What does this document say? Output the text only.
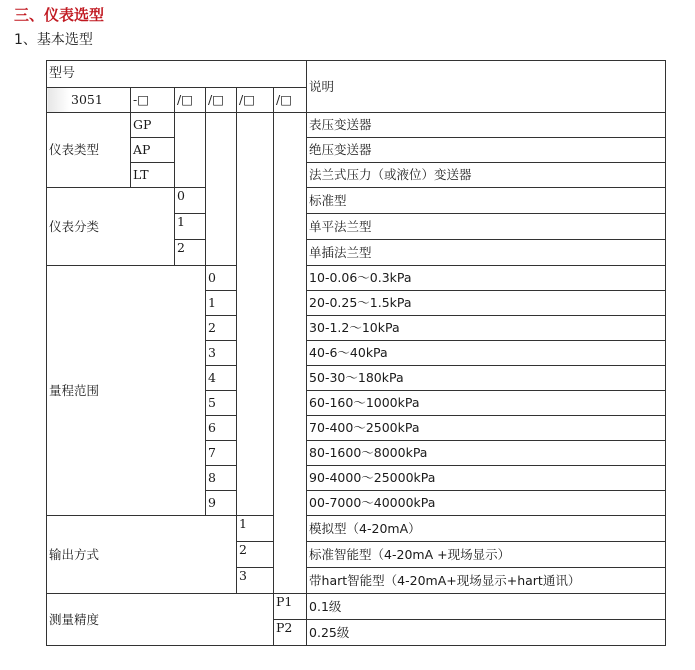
三、仪表选型
1、基本选型
型号						说明
3051	-□	/□	/□	/□	/□	
仪表类型	GP					表压变送器
	AP					绝压变送器
	LT					法兰式压力（或液位）变送器
仪表分类		0				标准型
		1				单平法兰型
		2				单插法兰型
量程范围			0			10-0.06～0.3kPa
			1			20-0.25～1.5kPa
			2			30-1.2～10kPa
			3			40-6～40kPa
			4			50-30～180kPa
			5			60-160～1000kPa
			6			70-400～2500kPa
			7			80-1600～8000kPa
			8			90-4000～25000kPa
			9			00-7000～40000kPa
输出方式				1		模拟型（4-20mA）
				2		标准智能型（4-20mA +现场显示）
				3		带hart智能型（4-20mA+现场显示+hart通讯）
测量精度					P1	0.1级
					P2	0.25级
